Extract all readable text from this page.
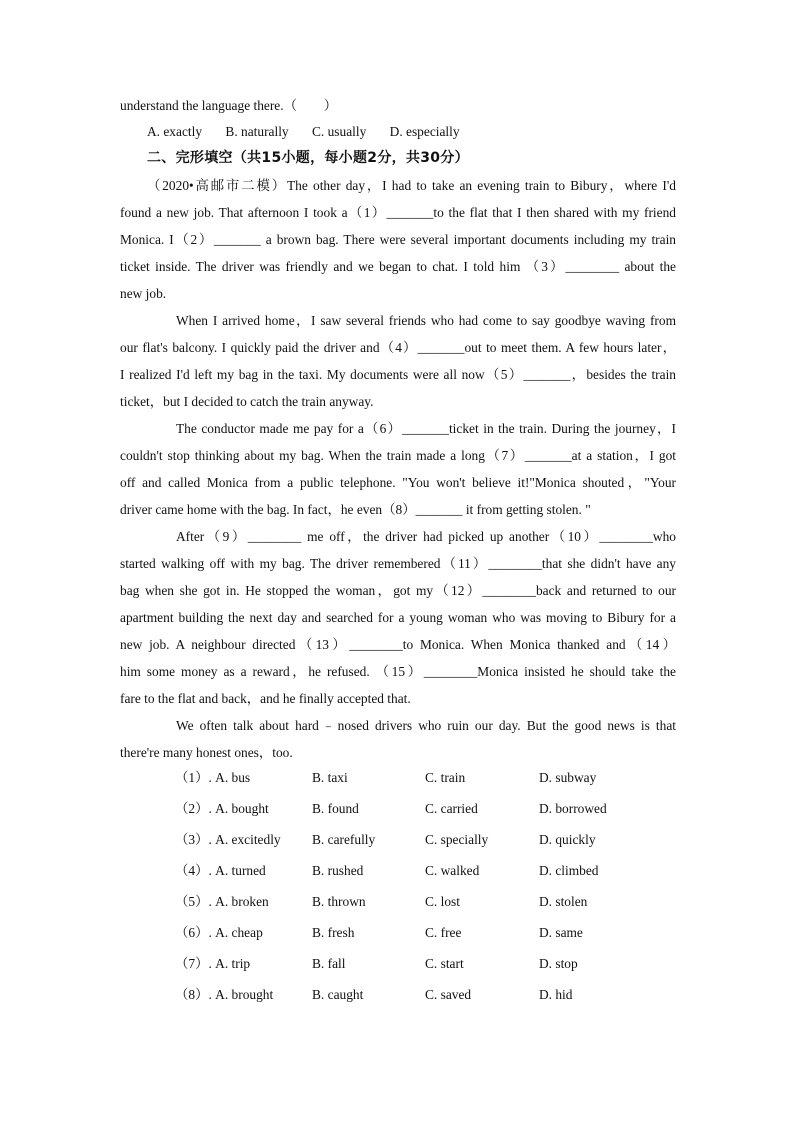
understand the language there.（　　）
A. exactly B. naturally C. usually D. especially
二、完形填空（共15小题，每小题2分，共30分）
（2020•高邮市二模）The other day，I had to take an evening train to Bibury，where I'd
found a new job. That afternoon I took a（1）_______to the flat that I then shared with my friend
Monica. I（2）_______ a brown bag. There were several important documents including my train
ticket inside. The driver was friendly and we began to chat. I told him （3）________ about the
new job.
When I arrived home，I saw several friends who had come to say goodbye waving from
our flat's balcony. I quickly paid the driver and（4）_______out to meet them. A few hours later，
I realized I'd left my bag in the taxi. My documents were all now（5）_______，besides the train
ticket，but I decided to catch the train anyway.
The conductor made me pay for a（6）_______ticket in the train. During the journey，I
couldn't stop thinking about my bag. When the train made a long（7）_______at a station，I got
off and called Monica from a public telephone. "You won't believe it!"Monica shouted，"Your
driver came home with the bag. In fact，he even（8）_______ it from getting stolen. "
After（9）________ me off，the driver had picked up another（10）________who
started walking off with my bag. The driver remembered（11）________that she didn't have any
bag when she got in. He stopped the woman，got my（12）________back and returned to our
apartment building the next day and searched for a young woman who was moving to Bibury for a
new job. A neighbour directed（13）________to Monica. When Monica thanked and（14）
him some money as a reward，he refused. （15）________Monica insisted he should take the
fare to the flat and back，and he finally accepted that.
We often talk about hard﹣nosed drivers who ruin our day. But the good news is that
there're many honest ones，too.
（1）. A. bus	B. taxi	C. train	D. subway
（2）. A. bought	B. found	C. carried	D. borrowed
（3）. A. excitedly B. carefully	C. specially	D. quickly
（4）. A. turned	B. rushed	C. walked	D. climbed
（5）. A. broken	B. thrown	C. lost	D. stolen
（6）. A. cheap	B. fresh	C. free	D. same
（7）. A. trip	B. fall	C. start	D. stop
（8）. A. brought	B. caught	C. saved	D. hid
